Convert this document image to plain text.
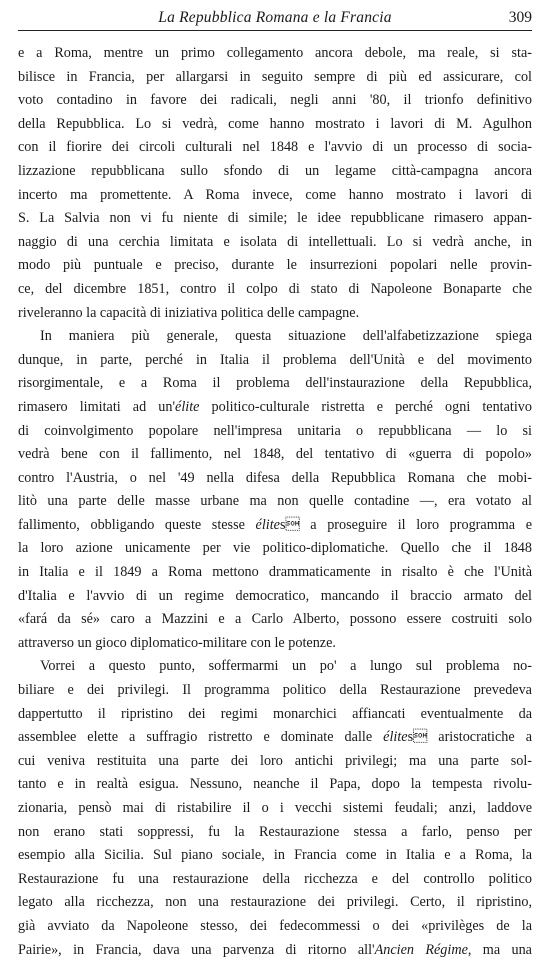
La Repubblica Romana e la Francia	309
e a Roma, mentre un primo collegamento ancora debole, ma reale, si sta-
bilisce in Francia, per allargarsi in seguito sempre di più ed assicurare, col
voto contadino in favore dei radicali, negli anni '80, il trionfo definitivo
della Repubblica. Lo si vedrà, come hanno mostrato i lavori di M. Agulhon
con il fiorire dei circoli culturali nel 1848 e l'avvio di un processo di socia-
lizzazione repubblicana sullo sfondo di un legame città-campagna ancora
incerto ma promettente. A Roma invece, come hanno mostrato i lavori di
S. La Salvia non vi fu niente di simile; le idee repubblicane rimasero appan-
naggio di una cerchia limitata e isolata di intellettuali. Lo si vedrà anche, in
modo più puntuale e preciso, durante le insurrezioni popolari nelle provin-
ce, del dicembre 1851, contro il colpo di stato di Napoleone Bonaparte che
riveleranno la capacità di iniziativa politica delle campagne.
In maniera più generale, questa situazione dell'alfabetizzazione spiega
dunque, in parte, perché in Italia il problema dell'Unità e del movimento
risorgimentale, e a Roma il problema dell'instaurazione della Repubblica,
rimasero limitati ad un'élite politico-culturale ristretta e perché ogni tentativo
di coinvolgimento popolare nell'impresa unitaria o repubblicana — lo si
vedrà bene con il fallimento, nel 1848, del tentativo di «guerra di popolo»
contro l'Austria, o nel '49 nella difesa della Repubblica Romana che mobi-
litò una parte delle masse urbane ma non quelle contadine —, era votato al
fallimento, obbligando queste stesse élites a proseguire il loro programma e
la loro azione unicamente per vie politico-diplomatiche. Quello che il 1848
in Italia e il 1849 a Roma mettono drammaticamente in risalto è che l'Unità
d'Italia e l'avvio di un regime democratico, mancando il braccio armato del
«fará da sé» caro a Mazzini e a Carlo Alberto, possono essere costruiti solo
attraverso un gioco diplomatico-militare con le potenze.
Vorrei a questo punto, soffermarmi un po' a lungo sul problema no-
biliare e dei privilegi. Il programma politico della Restaurazione prevedeva
dappertutto il ripristino dei regimi monarchici affiancati eventualmente da
assemblee elette a suffragio ristretto e dominate dalle élites aristocratiche a
cui veniva restituita una parte dei loro antichi privilegi; ma una parte sol-
tanto e in realtà esigua. Nessuno, neanche il Papa, dopo la tempesta rivolu-
zionaria, pensò mai di ristabilire il o i vecchi sistemi feudali; anzi, laddove
non erano stati soppressi, fu la Restaurazione stessa a farlo, penso per
esempio alla Sicilia. Sul piano sociale, in Francia come in Italia e a Roma, la
Restaurazione fu una restaurazione della ricchezza e del controllo politico
legato alla ricchezza, non una restaurazione dei privilegi. Certo, il ripristino,
già avviato da Napoleone stesso, dei fedecommessi o dei «privilèges de la
Pairie», in Francia, dava una parvenza di ritorno all'Ancien Régime, ma una
